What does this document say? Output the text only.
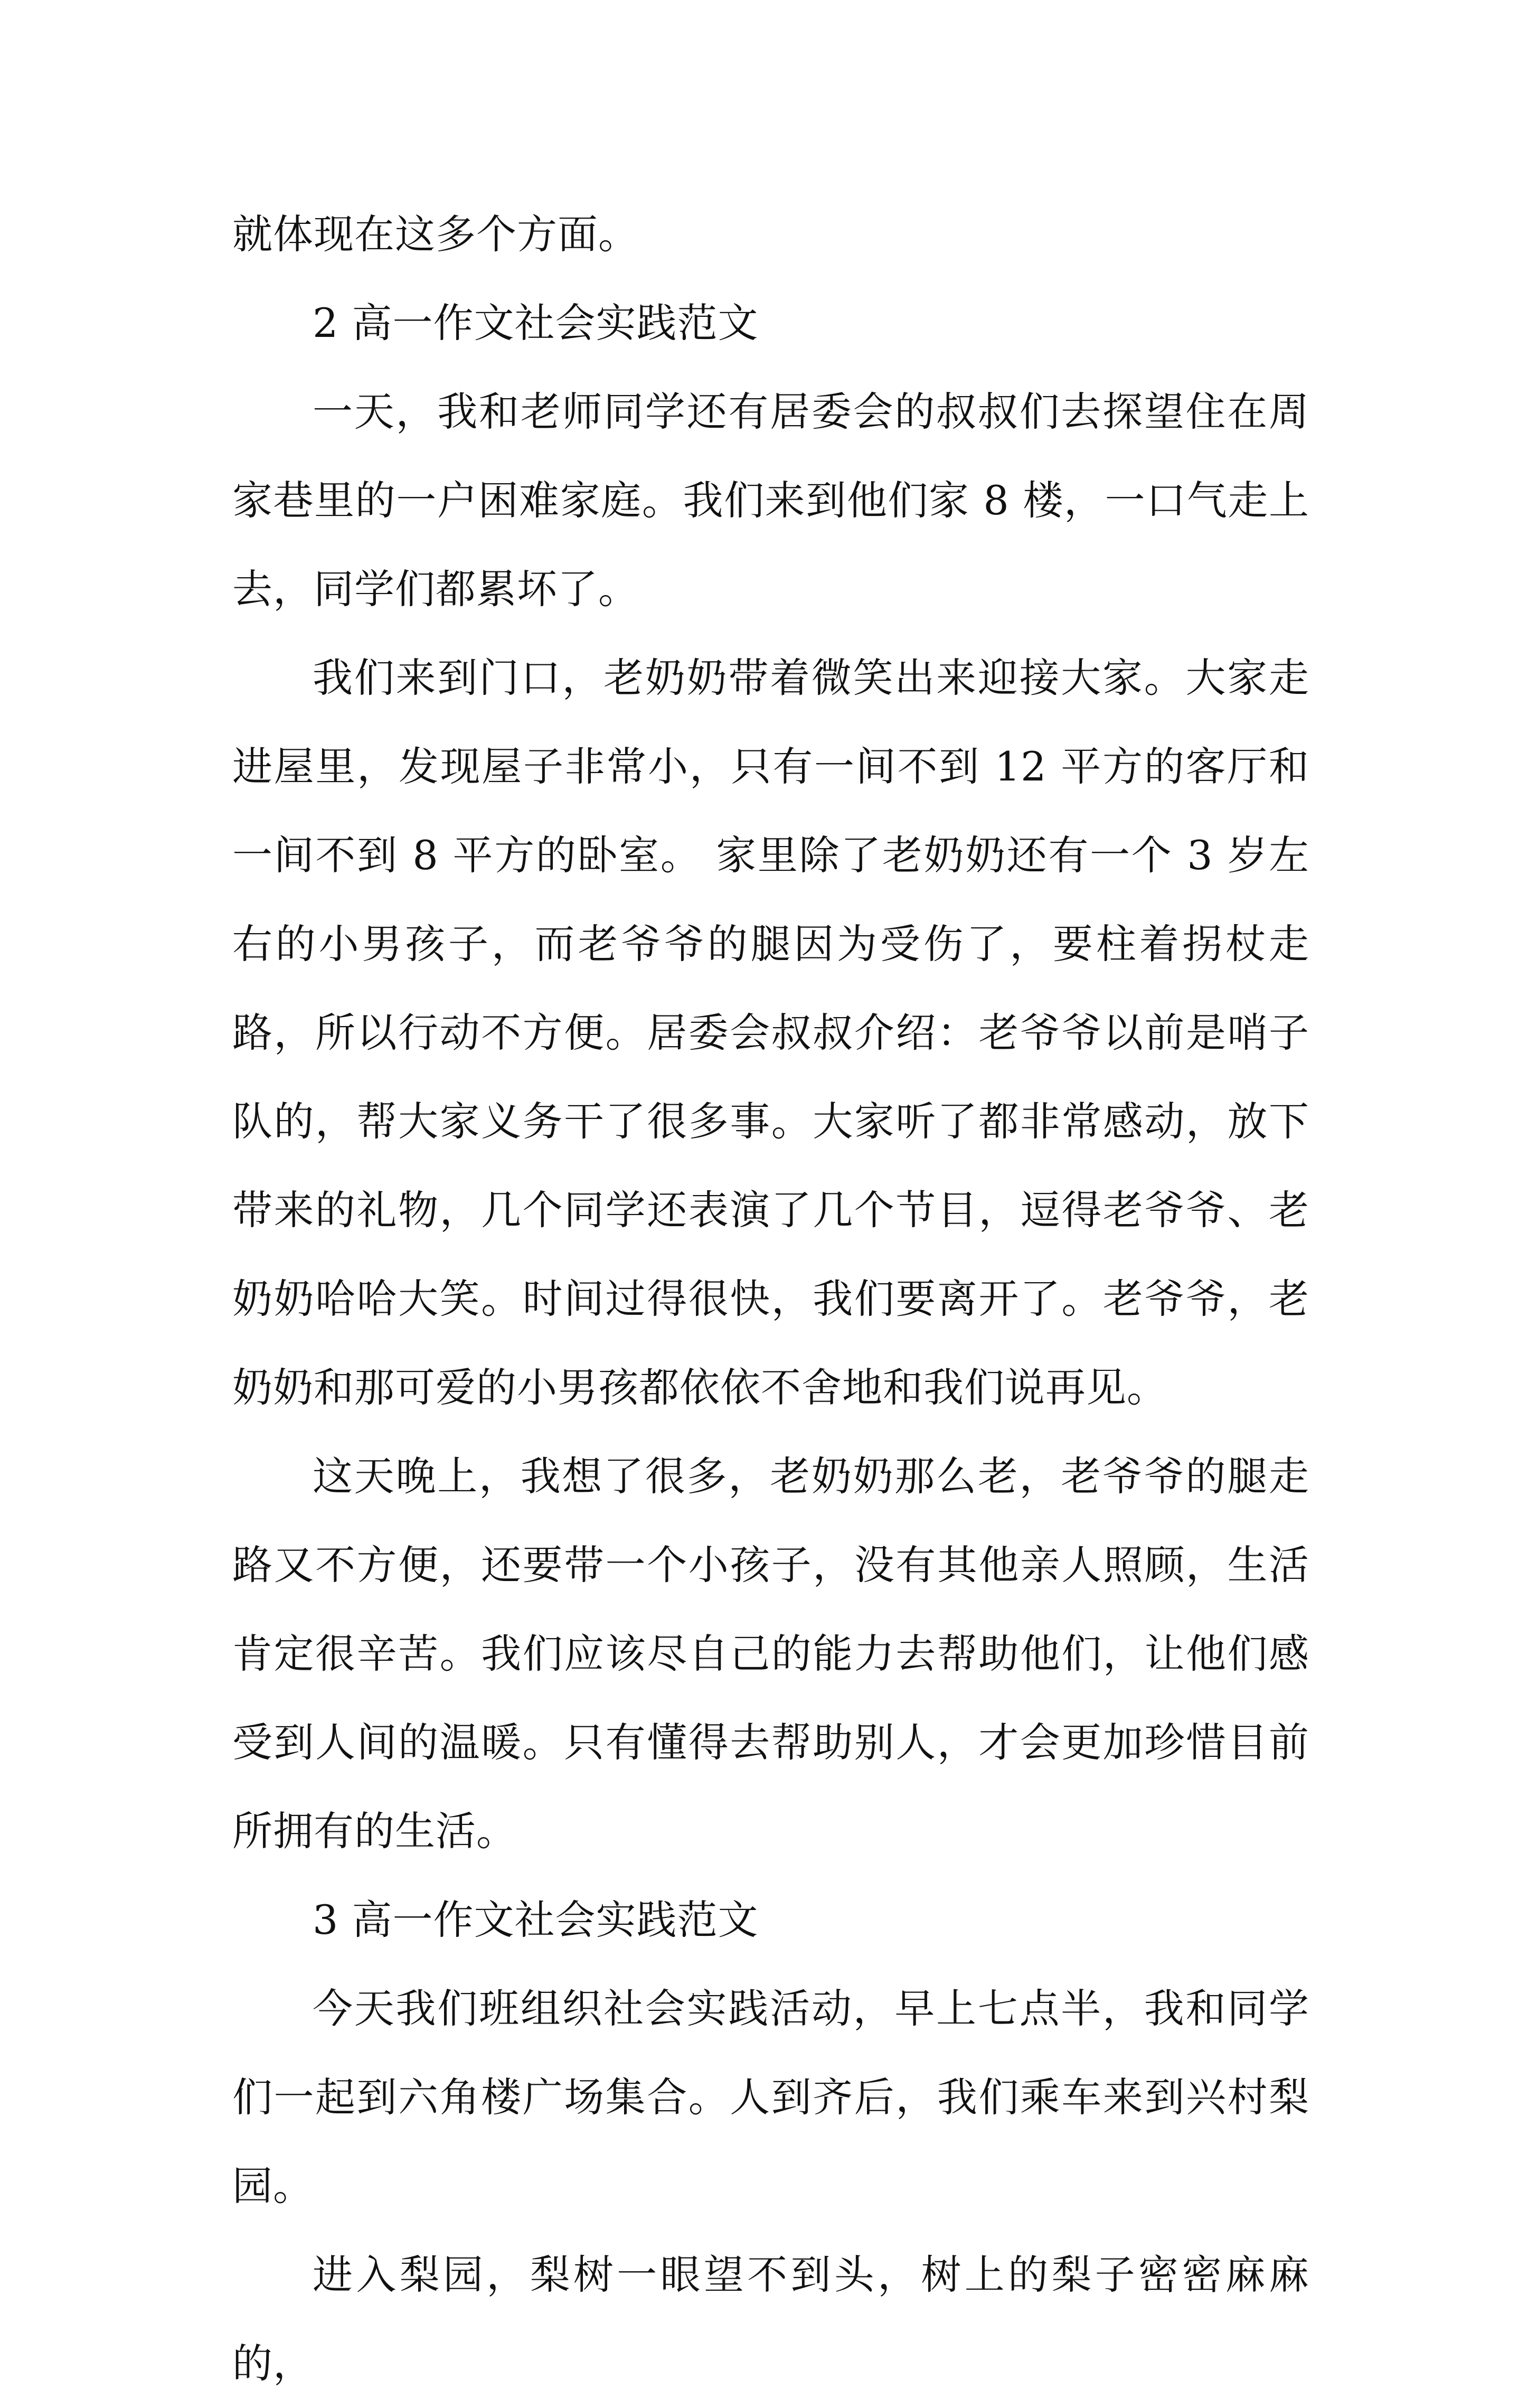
就体现在这多个方面。

2 高一作文社会实践范文

一天，我和老师同学还有居委会的叔叔们去探望住在周家巷里的一户困难家庭。我们来到他们家 8 楼，一口气走上去，同学们都累坏了。

我们来到门口，老奶奶带着微笑出来迎接大家。大家走进屋里，发现屋子非常小，只有一间不到 12 平方的客厅和一间不到 8 平方的卧室。 家里除了老奶奶还有一个 3 岁左右的小男孩子，而老爷爷的腿因为受伤了，要柱着拐杖走路，所以行动不方便。居委会叔叔介绍：老爷爷以前是哨子队的，帮大家义务干了很多事。大家听了都非常感动，放下带来的礼物，几个同学还表演了几个节目，逗得老爷爷、老奶奶哈哈大笑。时间过得很快，我们要离开了。老爷爷，老奶奶和那可爱的小男孩都依依不舍地和我们说再见。

这天晚上，我想了很多，老奶奶那么老，老爷爷的腿走路又不方便，还要带一个小孩子，没有其他亲人照顾，生活肯定很辛苦。我们应该尽自己的能力去帮助他们，让他们感受到人间的温暖。只有懂得去帮助别人，才会更加珍惜目前所拥有的生活。

3 高一作文社会实践范文

今天我们班组织社会实践活动，早上七点半，我和同学们一起到六角楼广场集合。人到齐后，我们乘车来到兴村梨园。

进入梨园，梨树一眼望不到头，树上的梨子密密麻麻的，
